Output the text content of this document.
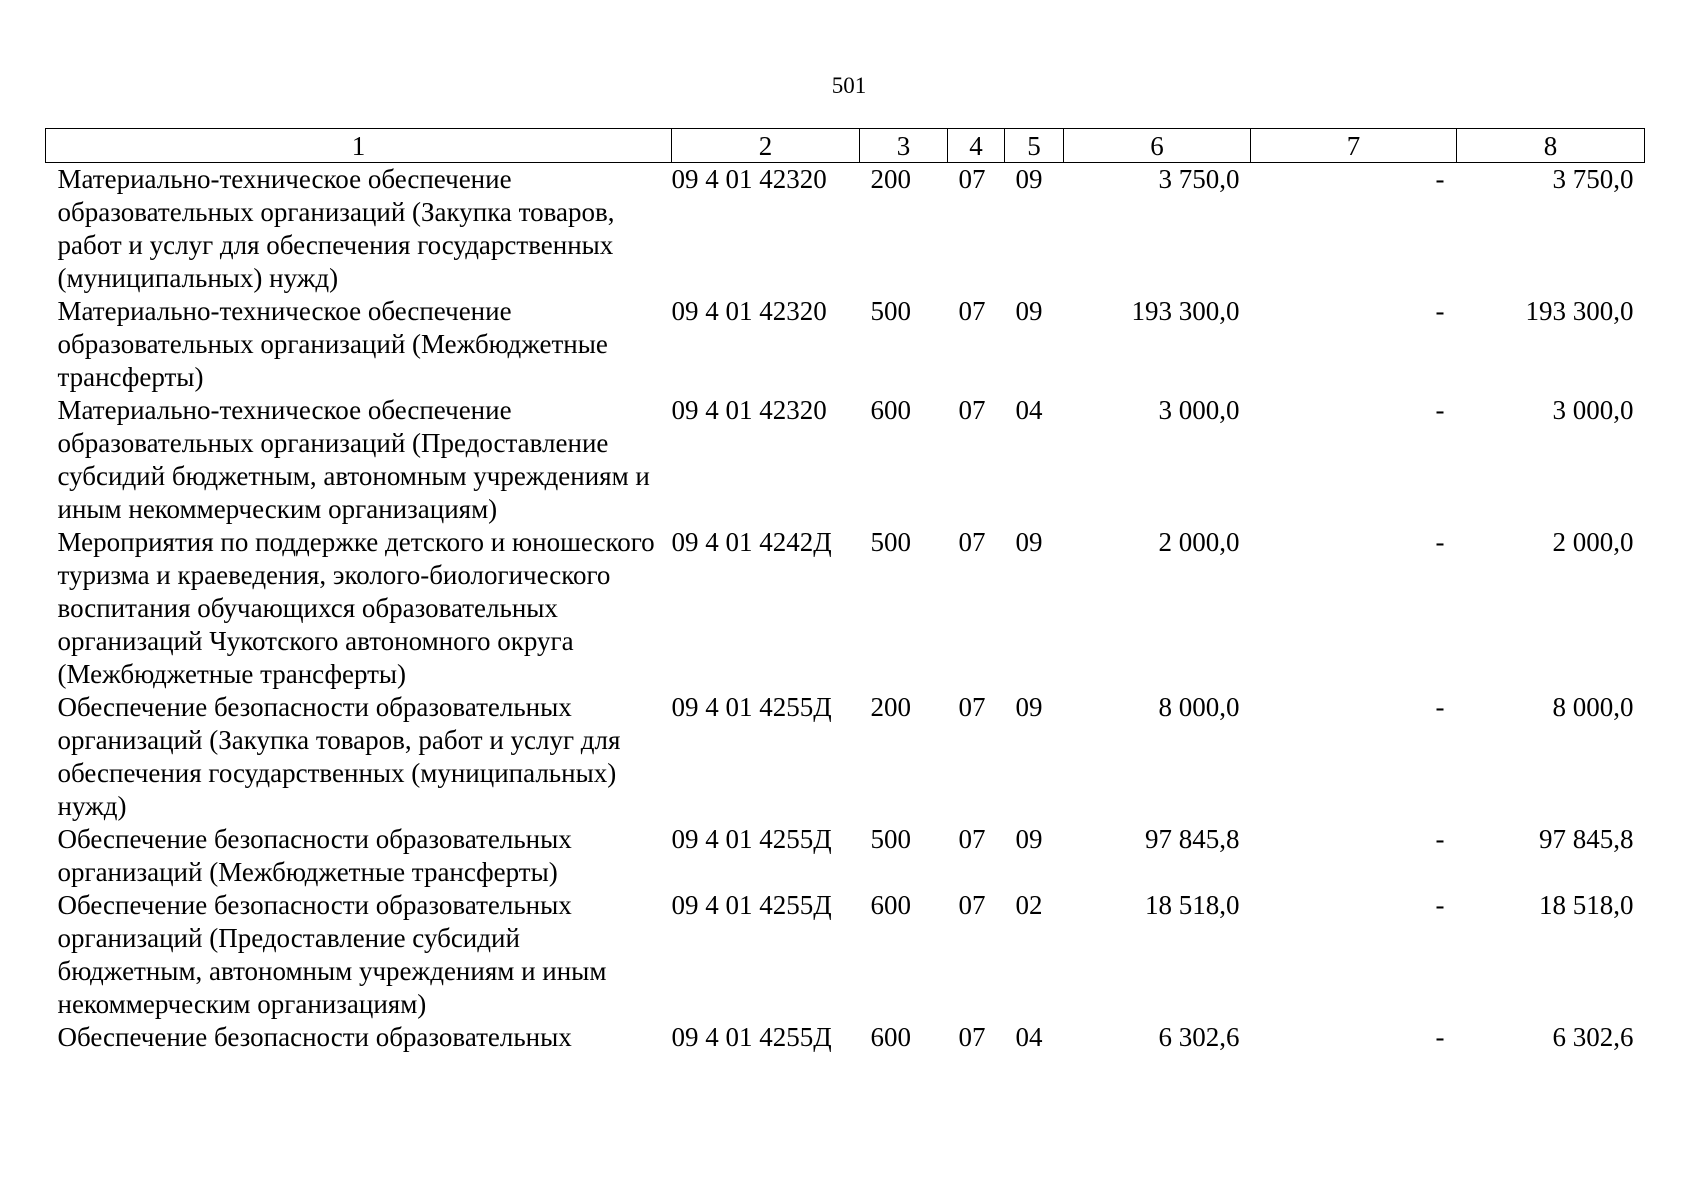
501
1	2	3	4	5	6	7	8
Материально-техническое обеспечение образовательных организаций (Закупка товаров, работ и услуг для обеспечения государственных (муниципальных) нужд)	09 4 01 42320	200	07	09	3 750,0	-	3 750,0
Материально-техническое обеспечение образовательных организаций (Межбюджетные трансферты)	09 4 01 42320	500	07	09	193 300,0	-	193 300,0
Материально-техническое обеспечение образовательных организаций (Предоставление субсидий бюджетным, автономным учреждениям и иным некоммерческим организациям)	09 4 01 42320	600	07	04	3 000,0	-	3 000,0
Мероприятия по поддержке детского и юношеского туризма и краеведения, эколого-биологического воспитания обучающихся образовательных организаций Чукотского автономного округа (Межбюджетные трансферты)	09 4 01 4242Д	500	07	09	2 000,0	-	2 000,0
Обеспечение безопасности образовательных организаций (Закупка товаров, работ и услуг для обеспечения государственных (муниципальных) нужд)	09 4 01 4255Д	200	07	09	8 000,0	-	8 000,0
Обеспечение безопасности образовательных организаций (Межбюджетные трансферты)	09 4 01 4255Д	500	07	09	97 845,8	-	97 845,8
Обеспечение безопасности образовательных организаций (Предоставление субсидий бюджетным, автономным учреждениям и иным некоммерческим организациям)	09 4 01 4255Д	600	07	02	18 518,0	-	18 518,0
Обеспечение безопасности образовательных	09 4 01 4255Д	600	07	04	6 302,6	-	6 302,6
